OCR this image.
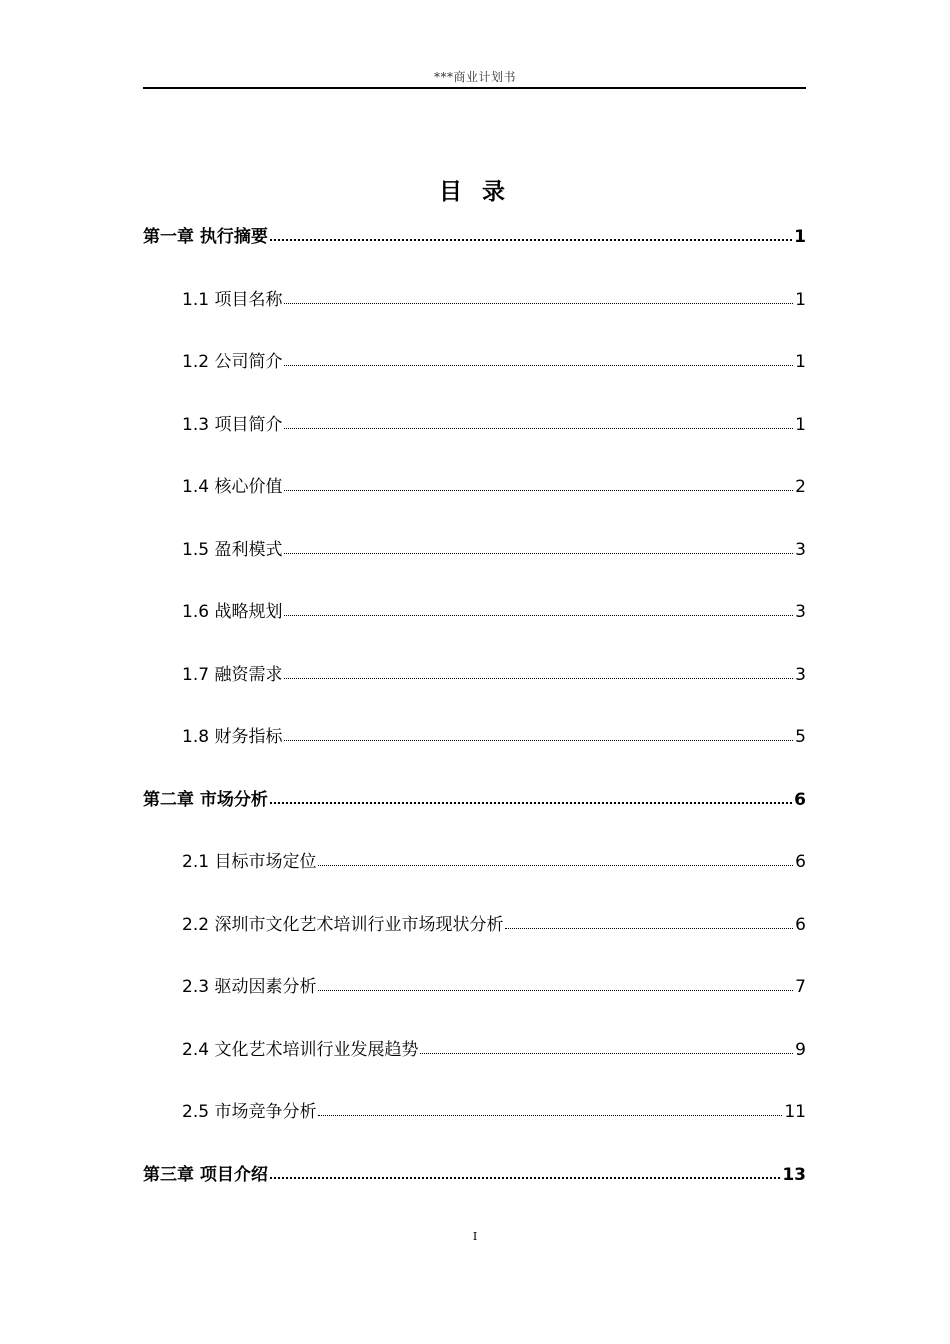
***商业计划书
目 录
第一章 执行摘要	1
1.1 项目名称	1
1.2 公司简介	1
1.3 项目简介	1
1.4 核心价值	2
1.5 盈利模式	3
1.6 战略规划	3
1.7 融资需求	3
1.8 财务指标	5
第二章 市场分析	6
2.1 目标市场定位	6
2.2 深圳市文化艺术培训行业市场现状分析	6
2.3 驱动因素分析	7
2.4 文化艺术培训行业发展趋势	9
2.5 市场竞争分析	11
第三章 项目介绍	13
I
